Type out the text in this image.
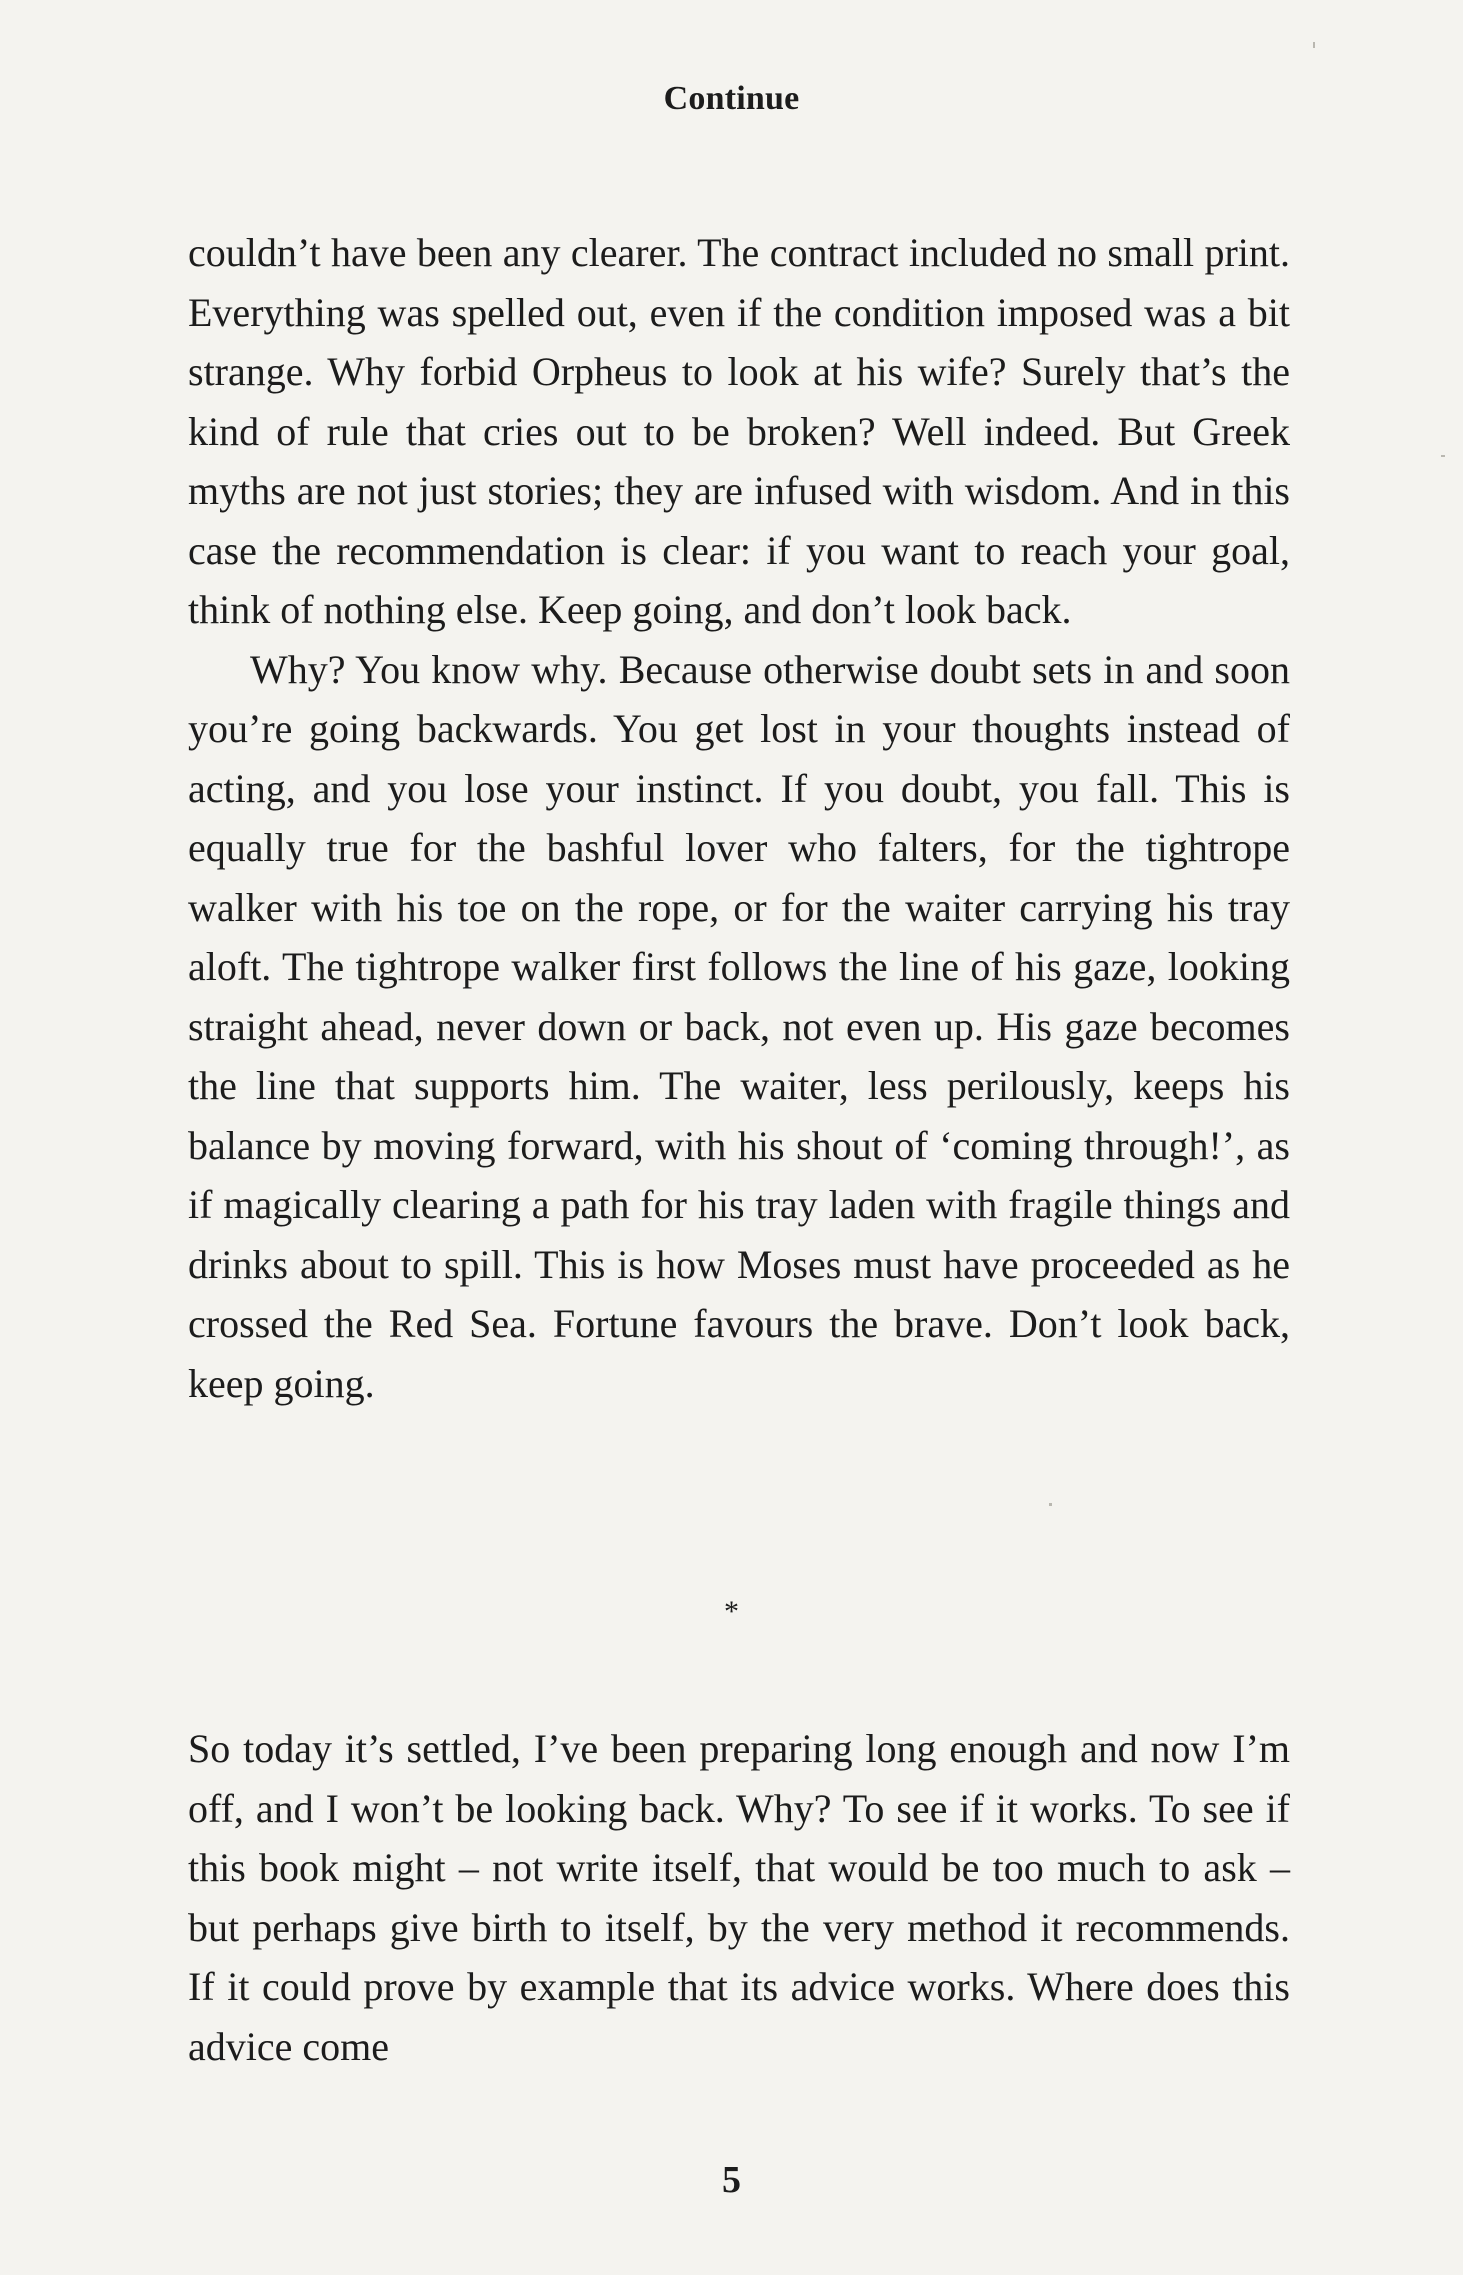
Continue

couldn’t have been any clearer. The contract included no small print. Everything was spelled out, even if the condition imposed was a bit strange. Why forbid Orpheus to look at his wife? Surely that’s the kind of rule that cries out to be broken? Well indeed. But Greek myths are not just stories; they are infused with wisdom. And in this case the recommendation is clear: if you want to reach your goal, think of nothing else. Keep going, and don’t look back.

Why? You know why. Because otherwise doubt sets in and soon you’re going backwards. You get lost in your thoughts instead of acting, and you lose your instinct. If you doubt, you fall. This is equally true for the bashful lover who falters, for the tightrope walker with his toe on the rope, or for the waiter carrying his tray aloft. The tightrope walker first follows the line of his gaze, looking straight ahead, never down or back, not even up. His gaze becomes the line that supports him. The waiter, less perilously, keeps his balance by moving forward, with his shout of ‘coming through!’, as if magically clearing a path for his tray laden with fragile things and drinks about to spill. This is how Moses must have proceeded as he crossed the Red Sea. Fortune favours the brave. Don’t look back, keep going.

*

So today it’s settled, I’ve been preparing long enough and now I’m off, and I won’t be looking back. Why? To see if it works. To see if this book might – not write itself, that would be too much to ask – but perhaps give birth to itself, by the very method it recommends. If it could prove by example that its advice works. Where does this advice come

5
